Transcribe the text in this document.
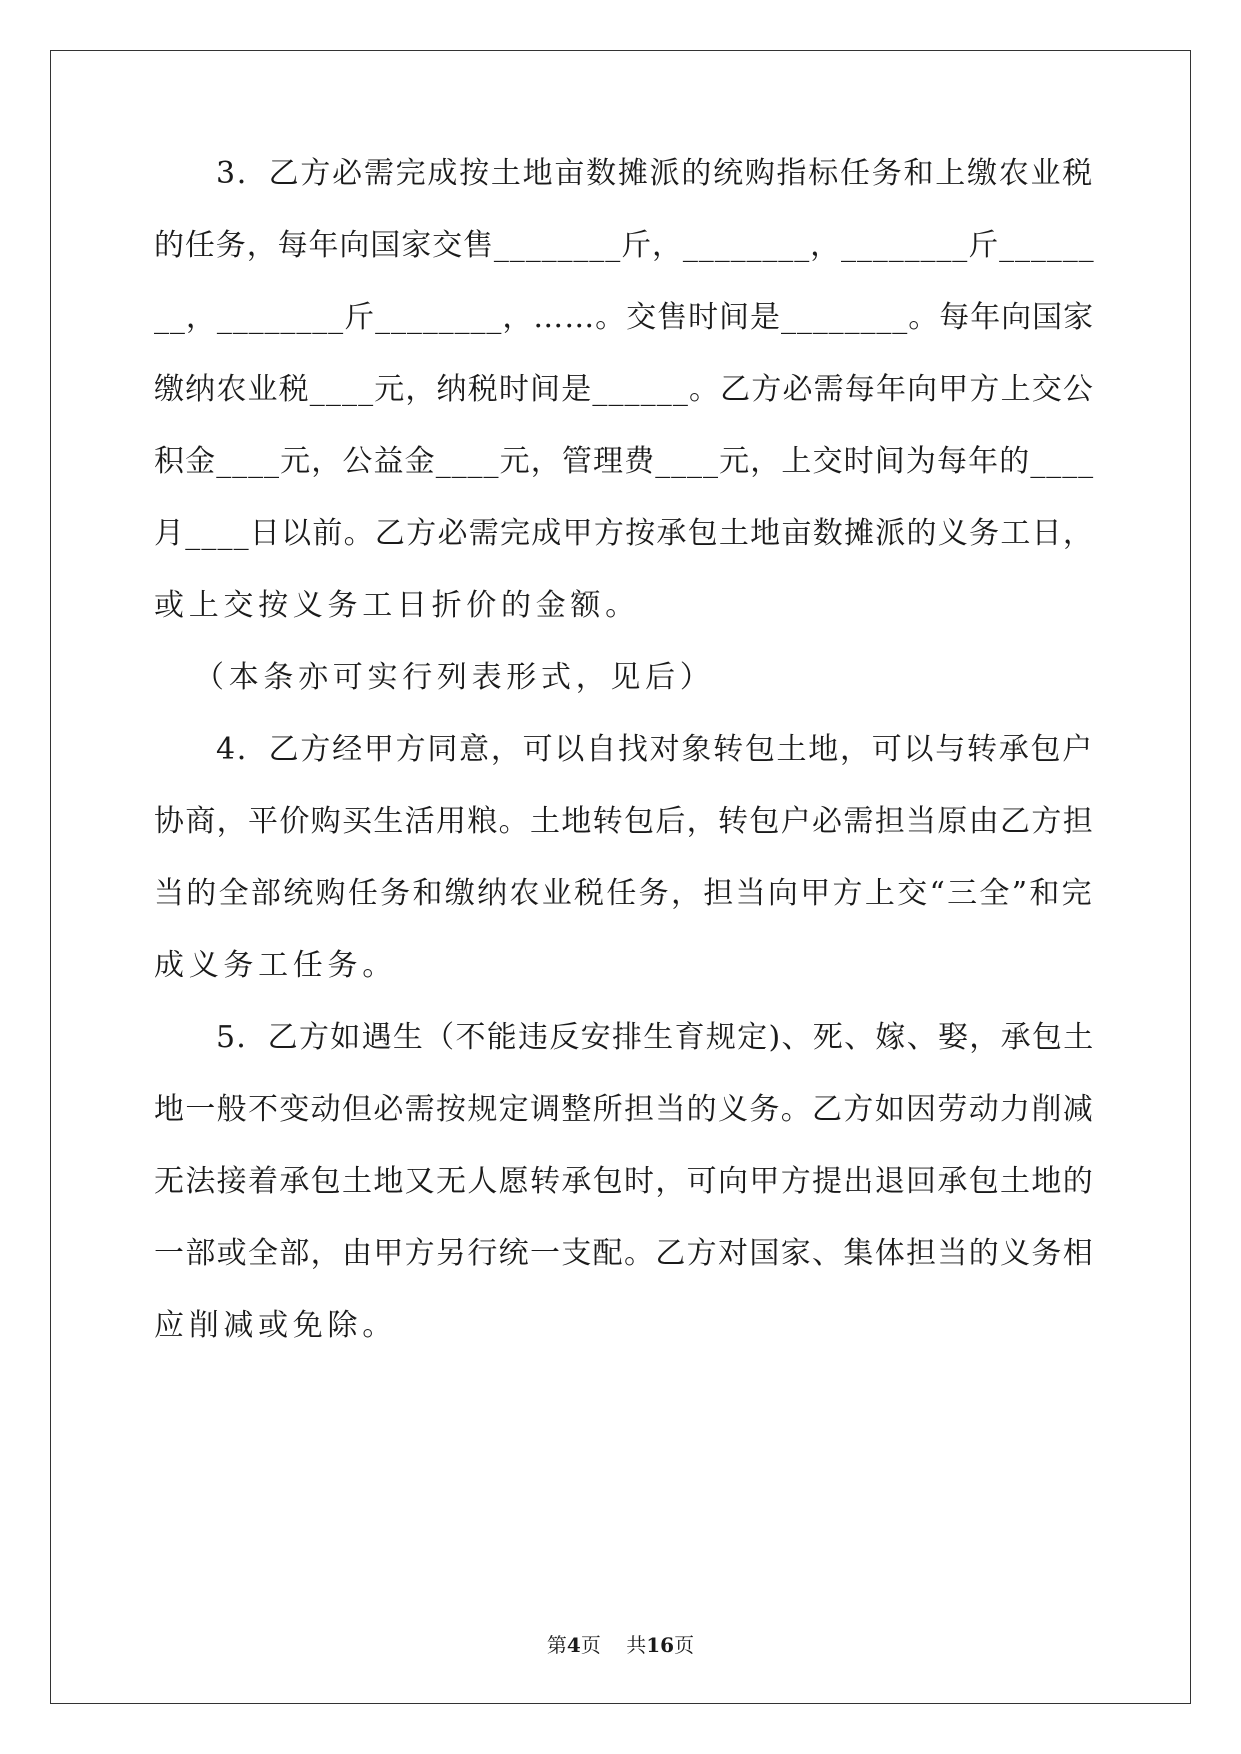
3．乙方必需完成按土地亩数摊派的统购指标任务和上缴农业税
的任务，每年向国家交售________斤，________，________斤______
__，________斤________，……。交售时间是________。每年向国家
缴纳农业税____元，纳税时间是______。乙方必需每年向甲方上交公
积金____元，公益金____元，管理费____元，上交时间为每年的____
月____日以前。乙方必需完成甲方按承包土地亩数摊派的义务工日，
或上交按义务工日折价的金额。
（本条亦可实行列表形式，见后）
4．乙方经甲方同意，可以自找对象转包土地，可以与转承包户
协商，平价购买生活用粮。土地转包后，转包户必需担当原由乙方担
当的全部统购任务和缴纳农业税任务，担当向甲方上交“三全”和完
成义务工任务。
5．乙方如遇生（不能违反安排生育规定)、死、嫁、娶，承包土
地一般不变动但必需按规定调整所担当的义务。乙方如因劳动力削减
无法接着承包土地又无人愿转承包时，可向甲方提出退回承包土地的
一部或全部，由甲方另行统一支配。乙方对国家、集体担当的义务相
应削减或免除。
第4页 共16页
